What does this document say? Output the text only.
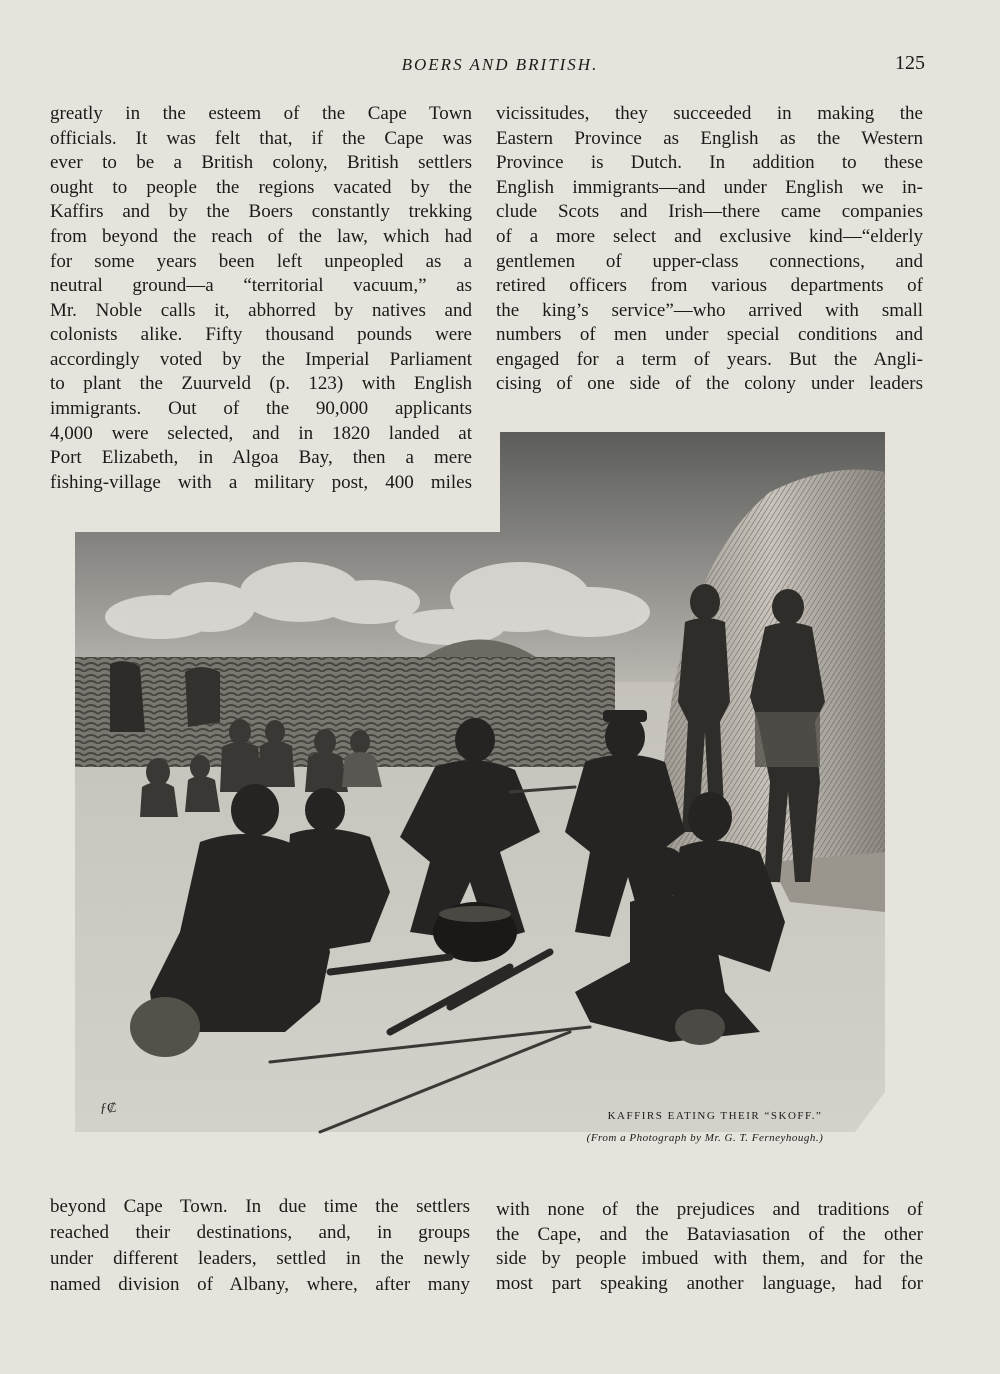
BOERS AND BRITISH.	125
greatly in the esteem of the Cape Town
officials. It was felt that, if the Cape was
ever to be a British colony, British settlers
ought to people the regions vacated by the
Kaffirs and by the Boers constantly trekking
from beyond the reach of the law, which had
for some years been left unpeopled as a
neutral ground—a “territorial vacuum,” as
Mr. Noble calls it, abhorred by natives and
colonists alike. Fifty thousand pounds were
accordingly voted by the Imperial Parliament
to plant the Zuurveld (p. 123) with English
immigrants. Out of the 90,000 applicants
4,000 were selected, and in 1820 landed at
Port Elizabeth, in Algoa Bay, then a mere
fishing-village with a military post, 400 miles
vicissitudes, they succeeded in making the
Eastern Province as English as the Western
Province is Dutch. In addition to these
English immigrants—and under English we in-
clude Scots and Irish—there came companies
of a more select and exclusive kind—“elderly
gentlemen of upper-class connections, and
retired officers from various departments of
the king’s service”—who arrived with small
numbers of men under special conditions and
engaged for a term of years. But the Angli-
cising of one side of the colony under leaders
ƒ₡	KAFFIRS EATING THEIR “SKOFF.”
(From a Photograph by Mr. G. T. Ferneyhough.)
beyond Cape Town. In due time the settlers
reached their destinations, and, in groups
under different leaders, settled in the newly
named division of Albany, where, after many
with none of the prejudices and traditions of
the Cape, and the Bataviasation of the other
side by people imbued with them, and for the
most part speaking another language, had for
